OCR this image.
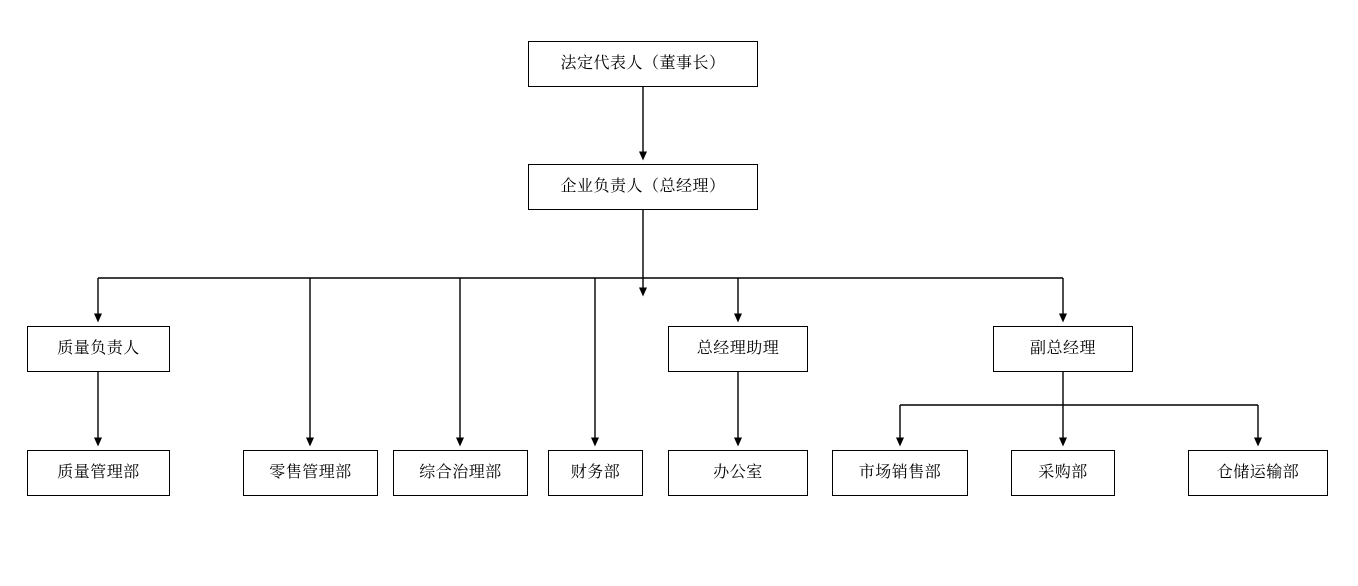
法定代表人（董事长）
企业负责人（总经理）
质量负责人	总经理助理	副总经理
质量管理部	零售管理部	综合治理部	财务部	办公室	市场销售部	采购部	仓储运输部
